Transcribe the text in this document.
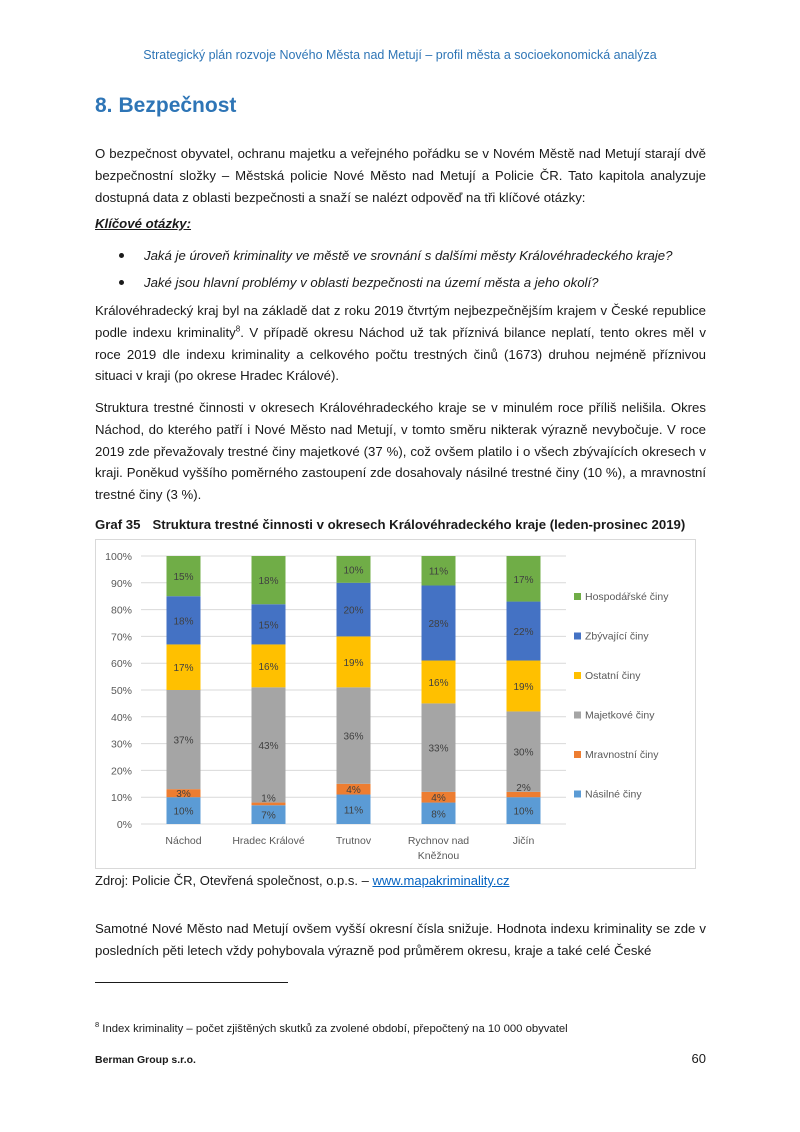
Strategický plán rozvoje Nového Města nad Metují – profil města a socioekonomická analýza
8. Bezpečnost

O bezpečnost obyvatel, ochranu majetku a veřejného pořádku se v Novém Městě nad Metují starají dvě bezpečnostní složky – Městská policie Nové Město nad Metují a Policie ČR. Tato kapitola analyzuje dostupná data z oblasti bezpečnosti a snaží se nalézt odpověď na tři klíčové otázky:

Klíčové otázky:

Jaká je úroveň kriminality ve městě ve srovnání s dalšími městy Královéhradeckého kraje?
Jaké jsou hlavní problémy v oblasti bezpečnosti na území města a jeho okolí?

Královéhradecký kraj byl na základě dat z roku 2019 čtvrtým nejbezpečnějším krajem v České republice podle indexu kriminality$^8$. V případě okresu Náchod už tak příznivá bilance neplatí, tento okres měl v roce 2019 dle indexu kriminality a celkového počtu trestných činů (1673) druhou nejméně příznivou situaci v kraji (po okrese Hradec Králové).

Struktura trestné činnosti v okresech Královéhradeckého kraje se v minulém roce příliš nelišila. Okres Náchod, do kterého patří i Nové Město nad Metují, v tomto směru nikterak výrazně nevybočuje. V roce 2019 zde převažovaly trestné činy majetkové (37 %), což ovšem platilo i o všech zbývajících okresech v kraji. Poněkud vyššího poměrného zastoupení zde dosahovaly násilné trestné činy (10 %), a mravnostní trestné činy (3 %).

Graf 35 Struktura trestné činnosti v okresech Královéhradeckého kraje (leden-prosinec 2019)

0%
10%
20%
30%
40%
50%
60%
70%
80%
90%
100%
10%
3%
37%
17%
18%
15%
7%
1%
43%
16%
15%
18%
11%
4%
36%
19%
20%
10%
8%
4%
33%
16%
28%
11%
10%
2%
30%
19%
22%
17%
Náchod	Hradec Králové	Trutnov	Rychnov nad
Kněžnou
Jičín
Hospodářské činy
Zbývající činy
Ostatní činy
Majetkové činy
Mravnostní činy
Násilné činy

Zdroj: Policie ČR, Otevřená společnost, o.p.s. – www.mapakriminality.cz

Samotné Nové Město nad Metují ovšem vyšší okresní čísla snižuje. Hodnota indexu kriminality se zde v posledních pěti letech vždy pohybovala výrazně pod průměrem okresu, kraje a také celé České

$^8$ Index kriminality – počet zjištěných skutků za zvolené období, přepočtený na 10 000 obyvatel

Berman Group s.r.o.	60
